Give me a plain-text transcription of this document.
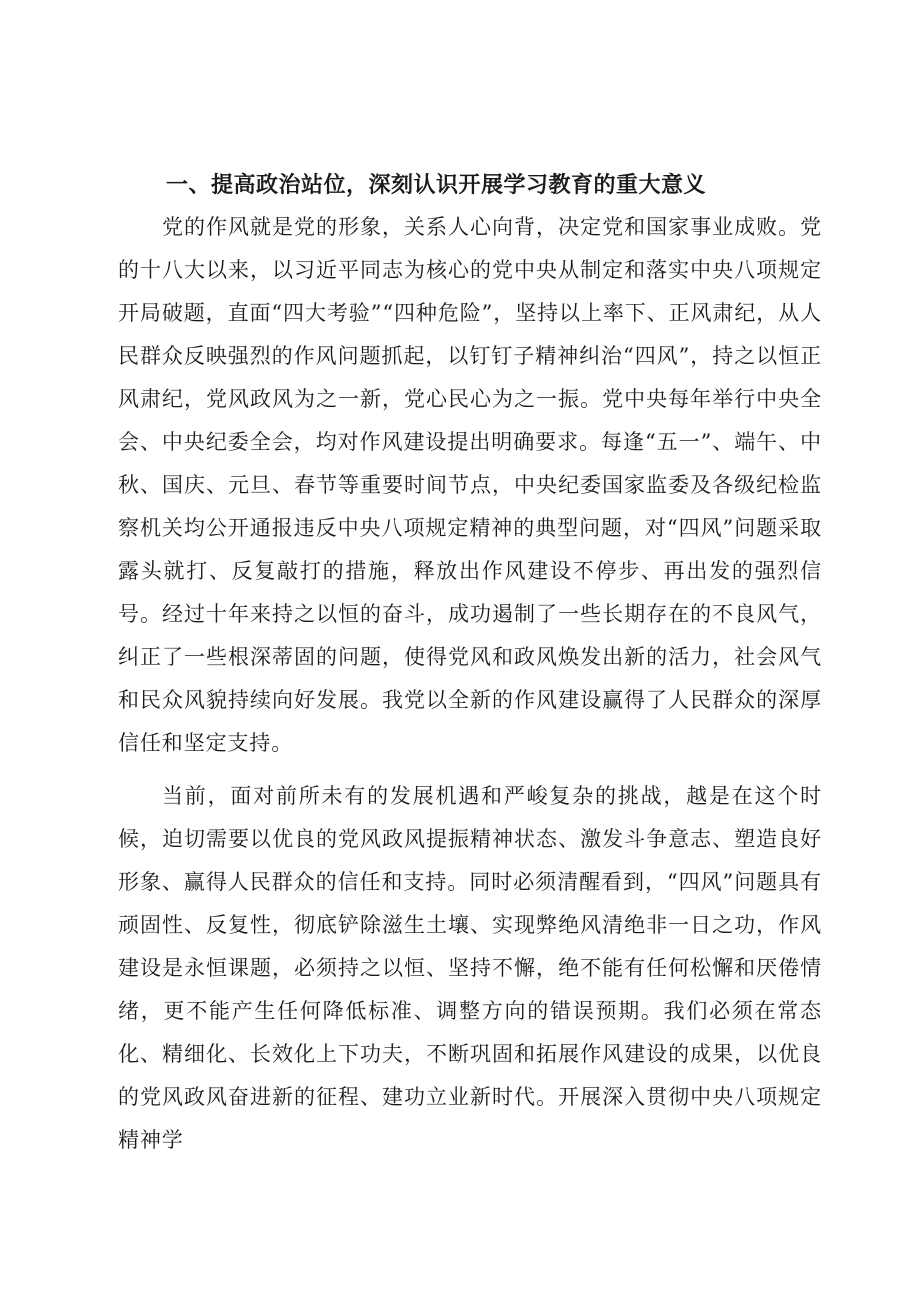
一、提高政治站位，深刻认识开展学习教育的重大意义

党的作风就是党的形象，关系人心向背，决定党和国家事业成败。党的十八大以来，以习近平同志为核心的党中央从制定和落实中央八项规定开局破题，直面“四大考验”“四种危险”，坚持以上率下、正风肃纪，从人民群众反映强烈的作风问题抓起，以钉钉子精神纠治“四风”，持之以恒正风肃纪，党风政风为之一新，党心民心为之一振。党中央每年举行中央全会、中央纪委全会，均对作风建设提出明确要求。每逢“五一”、端午、中秋、国庆、元旦、春节等重要时间节点，中央纪委国家监委及各级纪检监察机关均公开通报违反中央八项规定精神的典型问题，对“四风”问题采取露头就打、反复敲打的措施，释放出作风建设不停步、再出发的强烈信号。经过十年来持之以恒的奋斗，成功遏制了一些长期存在的不良风气，纠正了一些根深蒂固的问题，使得党风和政风焕发出新的活力，社会风气和民众风貌持续向好发展。我党以全新的作风建设赢得了人民群众的深厚信任和坚定支持。

当前，面对前所未有的发展机遇和严峻复杂的挑战，越是在这个时候，迫切需要以优良的党风政风提振精神状态、激发斗争意志、塑造良好形象、赢得人民群众的信任和支持。同时必须清醒看到，“四风”问题具有顽固性、反复性，彻底铲除滋生土壤、实现弊绝风清绝非一日之功，作风建设是永恒课题，必须持之以恒、坚持不懈，绝不能有任何松懈和厌倦情绪，更不能产生任何降低标准、调整方向的错误预期。我们必须在常态化、精细化、长效化上下功夫，不断巩固和拓展作风建设的成果，以优良的党风政风奋进新的征程、建功立业新时代。开展深入贯彻中央八项规定精神学
